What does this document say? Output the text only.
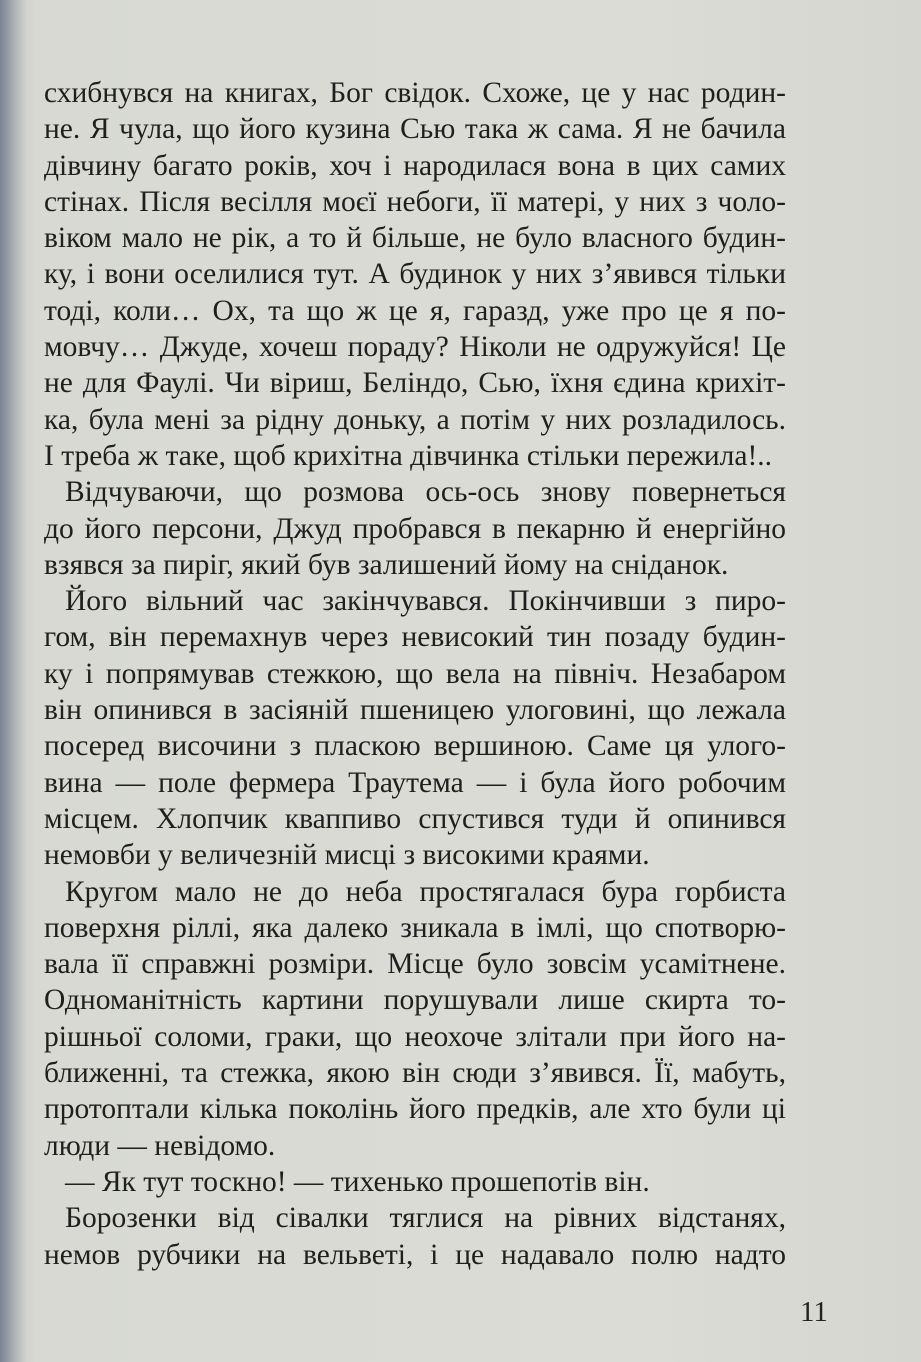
схибнувся на книгах, Бог свідок. Схоже, це у нас родин-
не. Я чула, що його кузина Сью така ж сама. Я не бачила
дівчину багато років, хоч і народилася вона в цих самих
стінах. Після весілля моєї небоги, її матері, у них з чоло-
віком мало не рік, а то й більше, не було власного будин-
ку, і вони оселилися тут. А будинок у них з’явився тільки
тоді, коли… Ох, та що ж це я, гаразд, уже про це я по-
мовчу… Джуде, хочеш пораду? Ніколи не одружуйся! Це
не для Фаулі. Чи віриш, Беліндо, Сью, їхня єдина крихіт-
ка, була мені за рідну доньку, а потім у них розладилось.
І треба ж таке, щоб крихітна дівчинка стільки пережила!..
Відчуваючи, що розмова ось-ось знову повернеться
до його персони, Джуд пробрався в пекарню й енергійно
взявся за пиріг, який був залишений йому на сніданок.
Його вільний час закінчувався. Покінчивши з пиро-
гом, він перемахнув через невисокий тин позаду будин-
ку і попрямував стежкою, що вела на північ. Незабаром
він опинився в засіяній пшеницею улоговині, що лежала
посеред височини з плаcкою вершиною. Саме ця улого-
вина — поле фермера Траутема — і була його робочим
місцем. Хлопчик кваппиво спустився туди й опинився
немовби у величезній мисці з високими краями.
Кругом мало не до неба простягалася бура горбиста
поверхня ріллі, яка далеко зникала в імлі, що спотворю-
вала її справжні розміри. Місце було зовсім усамітнене.
Одноманітність картини порушували лише скирта то-
рішньої соломи, граки, що неохоче злітали при його на-
ближенні, та стежка, якою він сюди з’явився. Її, мабуть,
протоптали кілька поколінь його предків, але хто були ці
люди — невідомо.
— Як тут тоскно! — тихенько прошепотів він.
Борозенки від сівалки тяглися на рівних відстанях,
немов рубчики на вельветі, і це надавало полю надто
11
